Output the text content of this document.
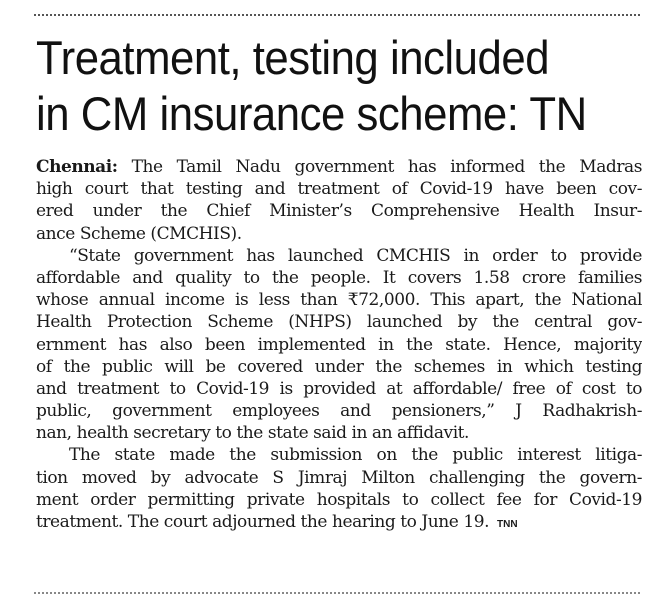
Treatment, testing included
in CM insurance scheme: TN
Chennai: The Tamil Nadu government has informed the Madras
high court that testing and treatment of Covid-19 have been cov-
ered under the Chief Minister’s Comprehensive Health Insur-
ance Scheme (CMCHIS).
“State government has launched CMCHIS in order to provide
affordable and quality to the people. It covers 1.58 crore families
whose annual income is less than ₹72,000. This apart, the National
Health Protection Scheme (NHPS) launched by the central gov-
ernment has also been implemented in the state. Hence, majority
of the public will be covered under the schemes in which testing
and treatment to Covid-19 is provided at affordable/ free of cost to
public, government employees and pensioners,” J Radhakrish-
nan, health secretary to the state said in an affidavit.
The state made the submission on the public interest litiga-
tion moved by advocate S Jimraj Milton challenging the govern-
ment order permitting private hospitals to collect fee for Covid-19
treatment. The court adjourned the hearing to June 19. TNN
